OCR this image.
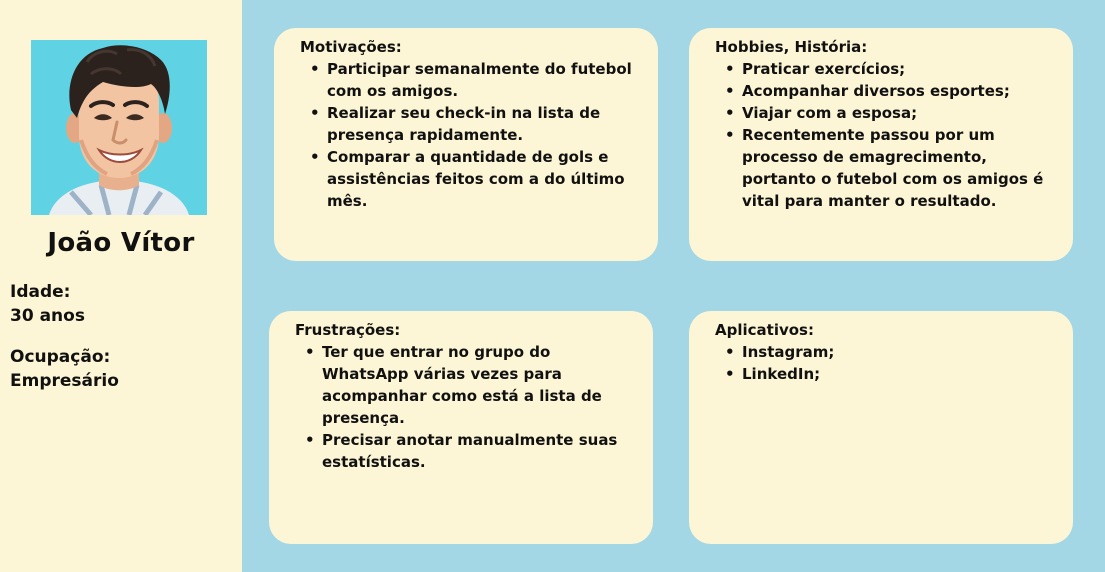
João Vítor
Idade:
30 anos
Ocupação:
Empresário
Motivações:
• Participar semanalmente do futebol com os amigos.
• Realizar seu check-in na lista de presença rapidamente.
• Comparar a quantidade de gols e assistências feitos com a do último mês.
Hobbies, História:
• Praticar exercícios;
• Acompanhar diversos esportes;
• Viajar com a esposa;
• Recentemente passou por um processo de emagrecimento, portanto o futebol com os amigos é vital para manter o resultado.
Frustrações:
• Ter que entrar no grupo do WhatsApp várias vezes para acompanhar como está a lista de presença.
• Precisar anotar manualmente suas estatísticas.
Aplicativos:
• Instagram;
• LinkedIn;
